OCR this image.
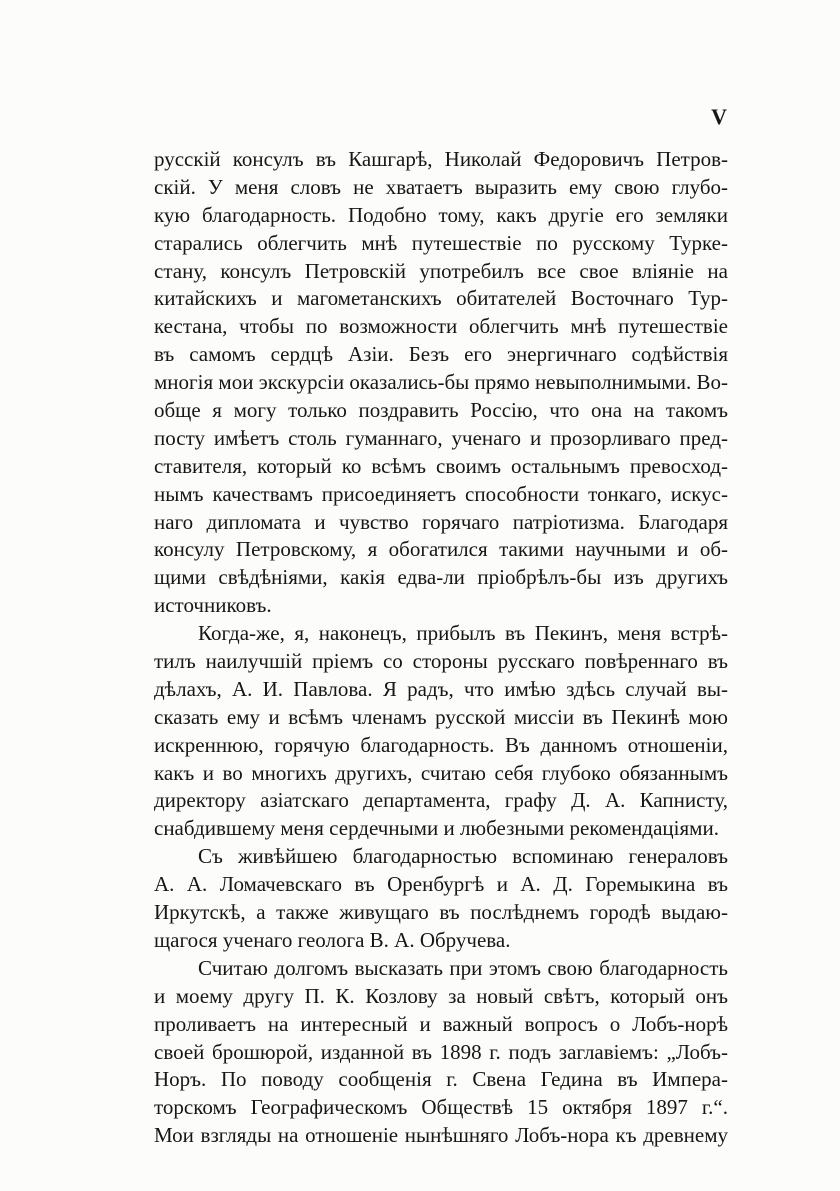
V
русскій консулъ въ Кашгарѣ, Николай Федоровичъ Петров-
скій. У меня словъ не хватаетъ выразить ему свою глубо-
кую благодарность. Подобно тому, какъ другіе его земляки
старались облегчить мнѣ путешествіе по русскому Турке-
стану, консулъ Петровскій употребилъ все свое вліяніе на
китайскихъ и магометанскихъ обитателей Восточнаго Тур-
кестана, чтобы по возможности облегчить мнѣ путешествіе
въ самомъ сердцѣ Азіи. Безъ его энергичнаго содѣйствія
многія мои экскурсіи оказались-бы прямо невыполнимыми. Во-
обще я могу только поздравить Россію, что она на такомъ
посту имѣетъ столь гуманнаго, ученаго и прозорливаго пред-
ставителя, который ко всѣмъ своимъ остальнымъ превосход-
нымъ качествамъ присоединяетъ способности тонкаго, искус-
наго дипломата и чувство горячаго патріотизма. Благодаря
консулу Петровскому, я обогатился такими научными и об-
щими свѣдѣніями, какія едва-ли пріобрѣлъ-бы изъ другихъ
источниковъ.
Когда-же, я, наконецъ, прибылъ въ Пекинъ, меня встрѣ-
тилъ наилучшій пріемъ со стороны русскаго повѣреннаго въ
дѣлахъ, А. И. Павлова. Я радъ, что имѣю здѣсь случай вы-
сказать ему и всѣмъ членамъ русской миссіи въ Пекинѣ мою
искреннюю, горячую благодарность. Въ данномъ отношеніи,
какъ и во многихъ другихъ, считаю себя глубоко обязаннымъ
директору азіатскаго департамента, графу Д. А. Капнисту,
снабдившему меня сердечными и любезными рекомендаціями.
Съ живѣйшею благодарностью вспоминаю генераловъ
А. А. Ломачевскаго въ Оренбургѣ и А. Д. Горемыкина въ
Иркутскѣ, а также живущаго въ послѣднемъ городѣ выдаю-
щагося ученаго геолога В. А. Обручева.
Считаю долгомъ высказать при этомъ свою благодарность
и моему другу П. К. Козлову за новый свѣтъ, который онъ
проливаетъ на интересный и важный вопросъ о Лобъ-норѣ
своей брошюрой, изданной въ 1898 г. подъ заглавіемъ: „Лобъ-
Норъ. По поводу сообщенія г. Свена Гедина въ Импера-
торскомъ Географическомъ Обществѣ 15 октября 1897 г.“.
Мои взгляды на отношеніе нынѣшняго Лобъ-нора къ древнему
